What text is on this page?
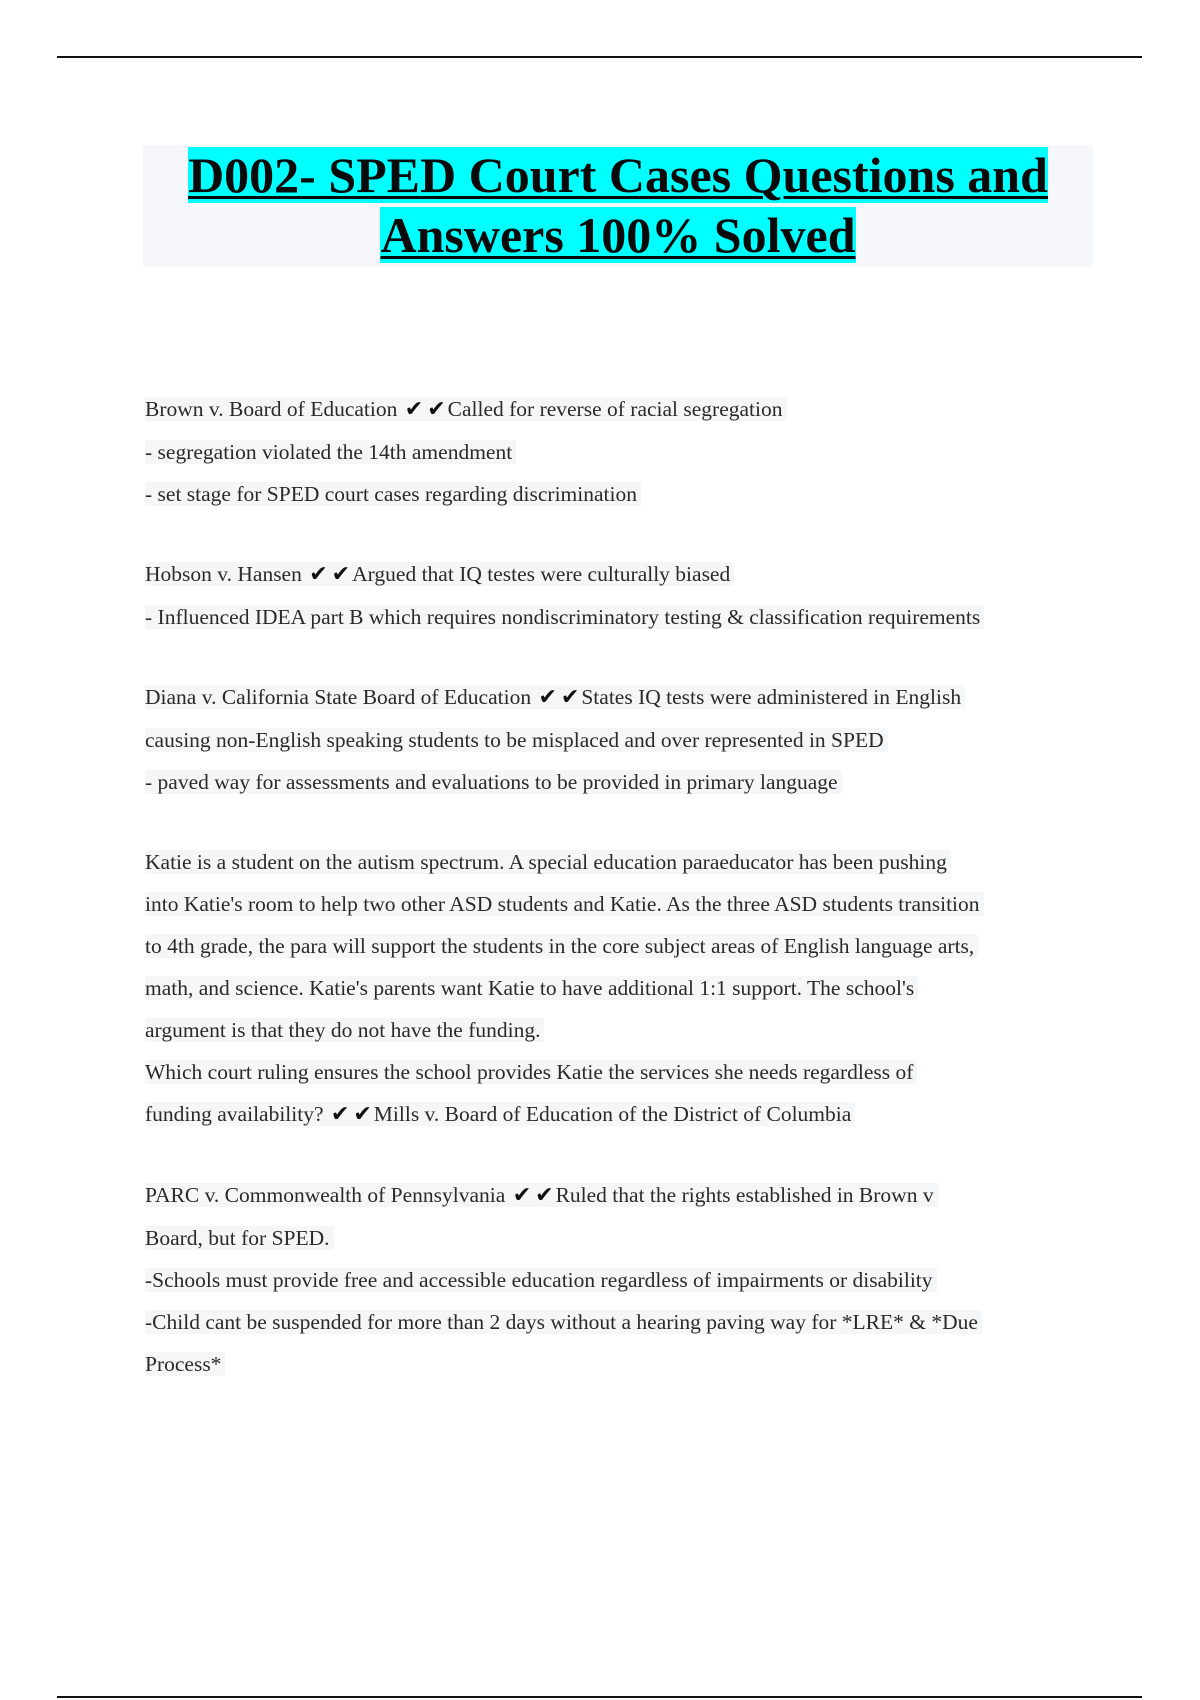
D002- SPED Court Cases Questions and
Answers 100% Solved
Brown v. Board of Education ✔ ✔Called for reverse of racial segregation
- segregation violated the 14th amendment
- set stage for SPED court cases regarding discrimination
Hobson v. Hansen ✔ ✔Argued that IQ testes were culturally biased
- Influenced IDEA part B which requires nondiscriminatory testing & classification requirements
Diana v. California State Board of Education ✔ ✔States IQ tests were administered in English
causing non-English speaking students to be misplaced and over represented in SPED
- paved way for assessments and evaluations to be provided in primary language
Katie is a student on the autism spectrum. A special education paraeducator has been pushing
into Katie's room to help two other ASD students and Katie. As the three ASD students transition
to 4th grade, the para will support the students in the core subject areas of English language arts,
math, and science. Katie's parents want Katie to have additional 1:1 support. The school's
argument is that they do not have the funding.
Which court ruling ensures the school provides Katie the services she needs regardless of
funding availability? ✔ ✔Mills v. Board of Education of the District of Columbia
PARC v. Commonwealth of Pennsylvania ✔ ✔Ruled that the rights established in Brown v
Board, but for SPED.
-Schools must provide free and accessible education regardless of impairments or disability
-Child cant be suspended for more than 2 days without a hearing paving way for *LRE* & *Due
Process*
